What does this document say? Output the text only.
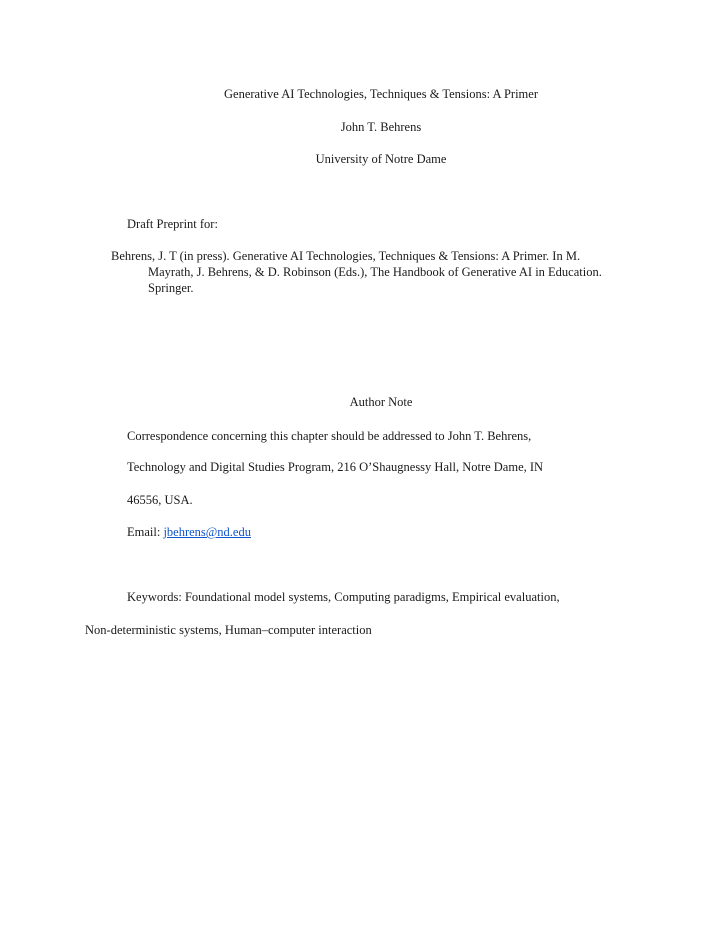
Generative AI Technologies, Techniques & Tensions: A Primer
John T. Behrens
University of Notre Dame
Draft Preprint for:
Behrens, J. T (in press). Generative AI Technologies, Techniques & Tensions: A Primer. In M.
Mayrath, J. Behrens, & D. Robinson (Eds.), The Handbook of Generative AI in Education.
Springer.
Author Note
Correspondence concerning this chapter should be addressed to John T. Behrens,
Technology and Digital Studies Program, 216 O’Shaugnessy Hall, Notre Dame, IN
46556, USA.
Email: jbehrens@nd.edu
Keywords: Foundational model systems, Computing paradigms, Empirical evaluation,
Non-deterministic systems, Human–computer interaction
